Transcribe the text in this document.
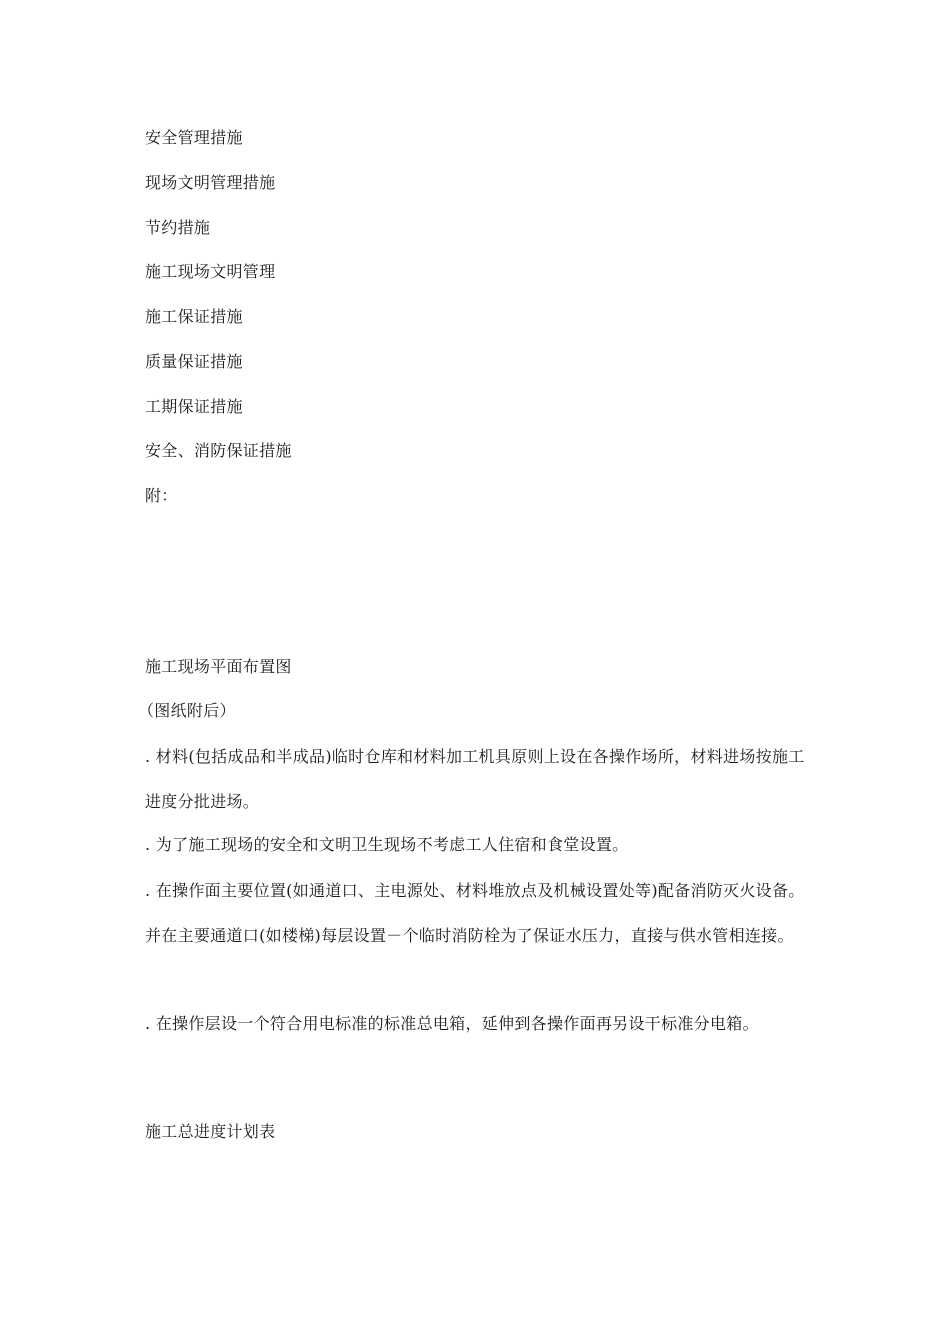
安全管理措施
现场文明管理措施
节约措施
施工现场文明管理
施工保证措施
质量保证措施
工期保证措施
安全、消防保证措施
附：
施工现场平面布置图
（图纸附后）
. 材料(包括成品和半成品)临时仓库和材料加工机具原则上设在各操作场所，材料进场按施工进度分批进场。
. 为了施工现场的安全和文明卫生现场不考虑工人住宿和食堂设置。
. 在操作面主要位置(如通道口、主电源处、材料堆放点及机械设置处等)配备消防灭火设备。并在主要通道口(如楼梯)每层设置－个临时消防栓为了保证水压力，直接与供水管相连接。
. 在操作层设一个符合用电标准的标准总电箱，延伸到各操作面再另设干标准分电箱。
施工总进度计划表
